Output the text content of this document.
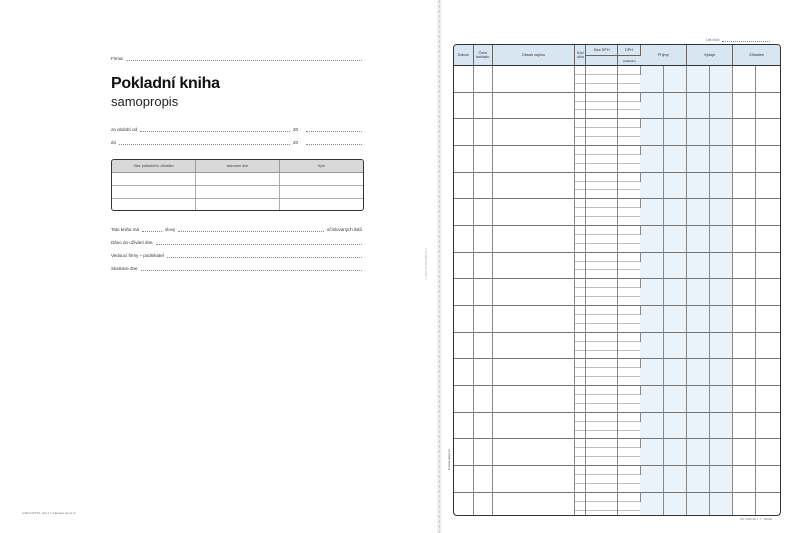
Firma:
Pokladní kniha
samopropis
za období od	20
do	20
Stav pokladního zůstatku	stanoven dne	Kým

Tato kniha má	slovy	očíslovaných listů
Dáno do užívání dne
Vedoucí firmy – podnikatel
Skartace dne
● BALOPTTA, plat 1 7 ● ■ www.optys.cz
✂ ZDE ODTRHNĚTE ✂
List číslo
Datum	Číslo dokladu	Obsah zápisu	Kód účtu	Bez DPH	DPH	Příjmy		Výdaje		Zůstatek	
					(základní)						

● www.optys.cz
OP 1016 BL 1 7 · 20062
